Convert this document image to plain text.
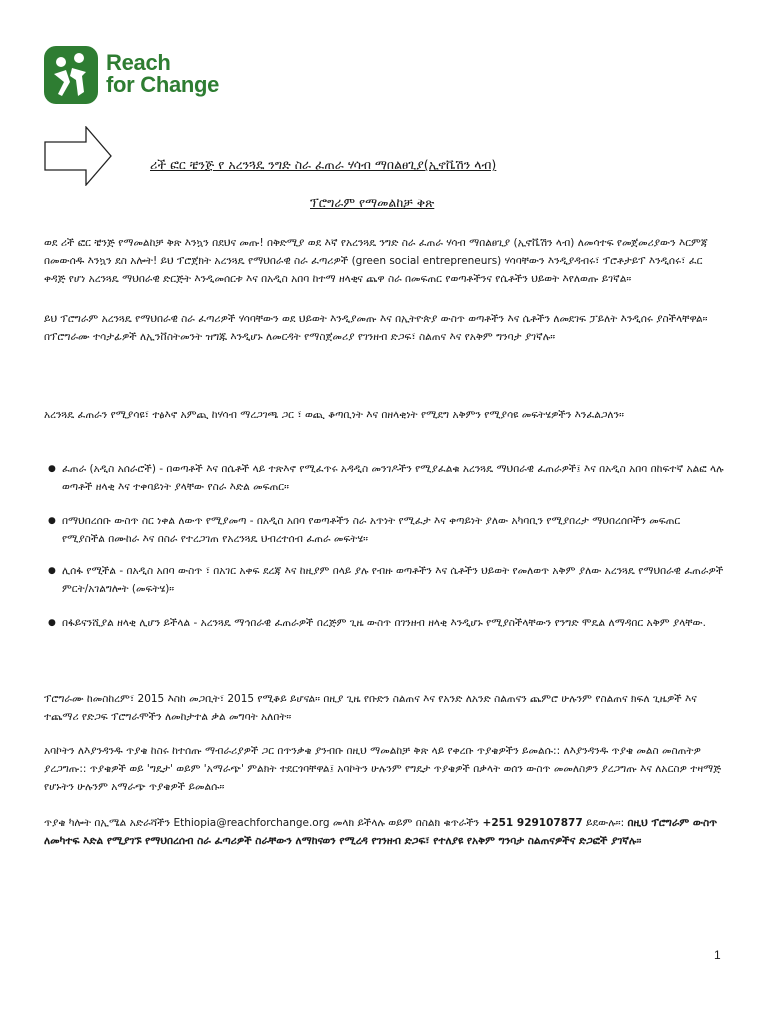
Reach
for Change
ሪች ፎር ቼንጅ የ አረንጓዴ ንግድ ስራ ፈጠራ ሃሳብ ማበልፀጊያ(ኢኖቬሽን ላብ)
ፕሮግራም የማመልከቻ ቅጽ

ወደ ሪች ፎር ቼንጅ የማመልከቻ ቅጽ እንኳን በደህና መጡ! በቅድሚያ ወደ እኛ የአረንጓዴ ንግድ ስራ ፈጠራ ሃሳብ ማበልፀጊያ (ኢኖቬሽን ላብ) ለመሳተፍ የመጀመሪያውን እርምጃ በመውሰዱ እንኳን ደስ አሎት! ይህ ፕሮጀክት አረንጓዴ የማህበራዊ ስራ ፈጣሪዎች (green social entrepreneurs) ሃሳባቸውን እንዲያዳብሩ፣ ፕሮቶታይፕ እንዲሰሩ፣ ፈር ቀዳጅ የሆነ አረንጓዴ ማህበራዊ ድርጅት እንዲመሰርቱ እና በአዲስ አበባ ከተማ ዘላቂና ጨዋ ስራ በመፍጠር የወጣቶችንና የሴቶችን ህይወት እየለወጡ ይገኛል።

ይህ ፕሮግራም አረንጓዴ የማህበራዊ ስራ ፈጣሪዎች ሃሳባቸውን ወደ ህይወት እንዲያመጡ እና በኢትዮጵያ ውስጥ ወጣቶችን እና ሴቶችን ለመደገፍ ፓይለት እንዲሰሩ ያስችላቸዋል። በፕሮግራሙ ተሳታፊዎች ለኢንቨስትመንት ዝግጁ እንዲሆኑ ለመርዳት የማስጀመሪያ የገንዘብ ድጋፍ፣ ስልጠና እና የአቅም ግንባታ ያገኛሉ።

አረንጓዴ ፈጠራን የሚያሳዩ፣ ተፅእኖ አምጪ ከሃሳብ ማረጋገጫ ጋር ፣ ወጪ ቆጣቢነት እና በዘላቂነት የሚደግ አቅምን የሚያሳዩ መፍትሄዎችን እንፈልጋለን።

● ፈጠራ (አዲስ አሰራሮች) - በወጣቶች እና በሴቶች ላይ ተጽእኖ የሚፈጥሩ አዳዲስ መንገዶችን የሚያፈልቁ አረንጓዴ ማህበራዊ ፈጠራዎች፤ እና በአዲስ አበባ በከፍተኛ አልፎ ላሉ ወጣቶች ዘላቂ እና ተቀባይነት ያላቸው የስራ እድል መፍጠር።
● በማህበረሰቡ ውስጥ ስር ነቀል ለውጥ የሚያመጣ - በአዲስ አበባ የወጣቶችን ስራ አጥነት የሚፈታ እና ቀጣይነት ያለው አካባቢን የሚያበረታ ማህበረሰቦችን መፍጠር የሚያስችል በሙከራ እና በስራ የተረጋገጠ የአረንጓዴ ህብረተሰብ ፈጠራ መፍትሄ።
● ሊሰፋ የሚችል - በአዲስ አበባ ውስጥ ፣ በአገር አቀፍ ደረጃ እና ከዚያም በላይ ያሉ የብዙ ወጣቶችን እና ሴቶችን ህይወት የመለወጥ አቅም ያለው አረንጓዴ የማህበራዊ ፈጠራዎች ምርት/አገልግሎት (መፍትሄ)።
● በፋይናንሺያል ዘላቂ ሊሆን ይችላል - አረንጓዴ ማኅበራዊ ፈጠራዎች በረጅም ጊዜ ውስጥ በገንዘብ ዘላቂ እንዲሆኑ የሚያስችላቸውን የንግድ ሞዴል ለማዳበር አቅም ያላቸው.

ፕሮግራሙ ከመስከረም፣ 2015 እስከ መጋቢት፣ 2015 የሚቆይ ይሆናል። በዚያ ጊዜ የቡድን ስልጠና እና የአንድ ለአንድ ስልጠናን ጨምሮ ሁሉንም የስልጠና ክፍለ ጊዜዎች እና ተጨማሪ የድጋፍ ፕሮግራሞችን ለመከታተል ቃል መግባት አለበት።

አባኮትን ለእያንዳንዱ ጥያቄ ከስሩ ከተሰጡ ማብራሪያዎች ጋር በጥንቃቄ ያንብቡ በዚህ ማመልከቻ ቅጽ ላይ የቀረቡ ጥያቄዎችን ይመልሱ:: ለእያንዳንዱ ጥያቄ መልስ መስጠትዎ ያረጋግጡ:: ጥያቄዎች ወይ 'ግዴታ' ወይም 'አማራጭ' ምልክት ተደርጎባቸዋል፤ አባኮትን ሁሉንም የግዴታ ጥያቄዎች በቃላት ወሰን ውስጥ መመለስዎን ያረጋግጡ እና ለአርስዎ ተዛማጅ የሆኑትን ሁሉንም አማራጭ ጥያቄዎች ይመልሱ።

ጥያቄ ካሎት በኢሜል አድራሻችን Ethiopia@reachforchange.org መላክ ይችላሉ ወይም በስልክ ቁጥራችን +251 929107877 ይደውሉ።: በዚህ ፕሮግራም ውስጥ ለመካተፍ እድል የሚያገኙ የማህበረሰብ ስራ ፈጣሪዎች ስራቸውን ለማከናወን የሚረዳ የገንዘብ ድጋፍ፣ የተለያዩ የአቅም ግንባታ ስልጠናዎችና ድጋፎች ያገኛሉ፡፡

1
